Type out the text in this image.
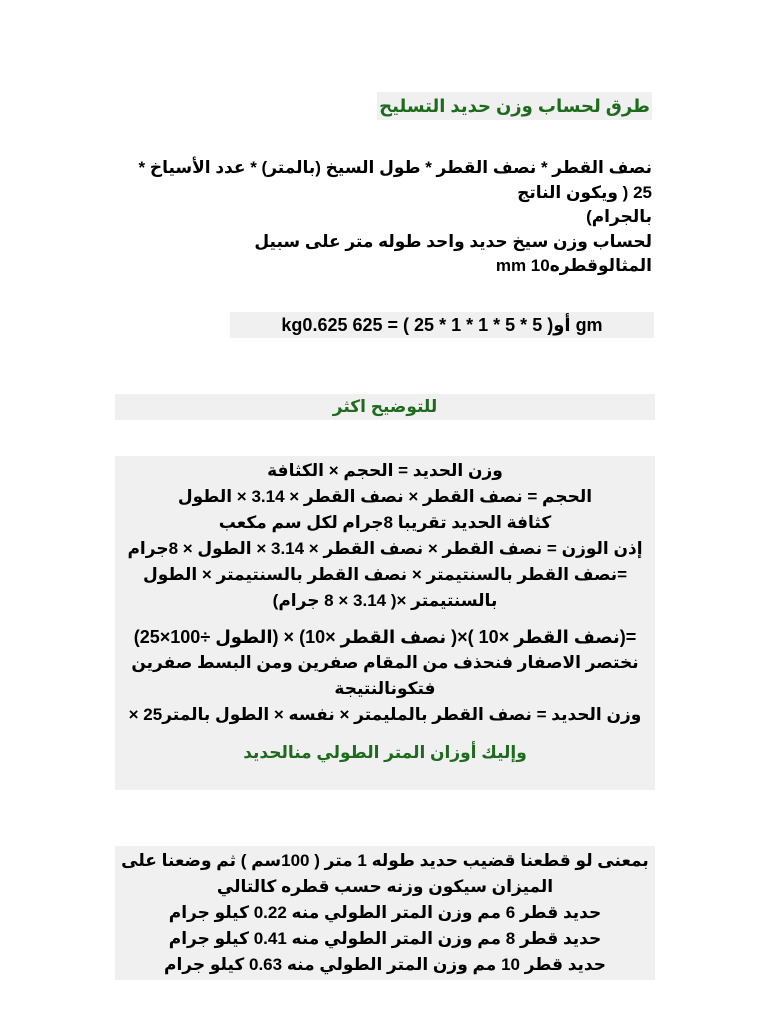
طرق لحساب وزن حديد التسليح
نصف القطر * نصف القطر * طول السيخ (بالمتر) * عدد الأسياخ *
25 ( ويكون الناتج
بالجرام)
لحساب وزن سيخ حديد واحد طوله متر على سبيل
المثالوقطره10 mm
kg0.625 أو( 5 * 5 * 1 * 1 * 25 ) = 625 gm
للتوضيح اكثر
وزن الحديد = الحجم × الكثافة
الحجم = نصف القطر × نصف القطر × 3.14 × الطول
كثافة الحديد تقريبا 8جرام لكل سم مكعب
إذن الوزن = نصف القطر × نصف القطر × 3.14 × الطول × 8جرام
=نصف القطر بالسنتيمتر × نصف القطر بالسنتيمتر × الطول
بالسنتيمتر ×( 3.14 × 8 جرام)
=(نصف القطر ×10 )×( نصف القطر ×10) × (الطول ÷100×25)
نختصر الاصفار فنحذف من المقام صفرين ومن البسط صفرين
فتكونالنتيجة
وزن الحديد = نصف القطر بالمليمتر × نفسه × الطول بالمتر25 ×
وإليك أوزان المتر الطولي منالحديد
بمعنى لو قطعنا قضيب حديد طوله 1 متر ( 100سم ) ثم وضعنا على
الميزان سيكون وزنه حسب قطره كالتالي
حديد قطر 6 مم وزن المتر الطولي منه 0.22 كيلو جرام
حديد قطر 8 مم وزن المتر الطولي منه 0.41 كيلو جرام
حديد قطر 10 مم وزن المتر الطولي منه 0.63 كيلو جرام
